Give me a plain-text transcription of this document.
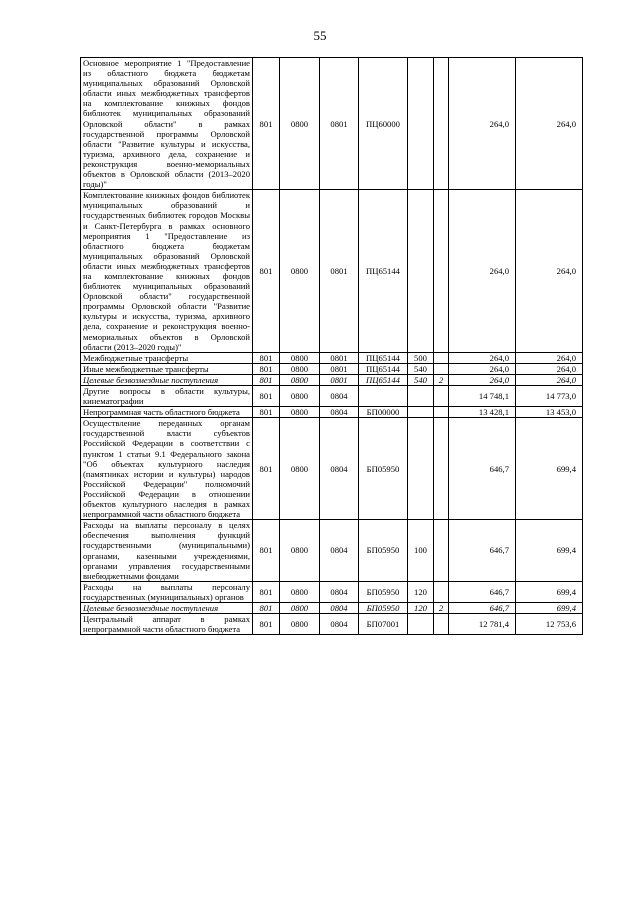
55
Основное мероприятие 1 "Предоставление из областного бюджета бюджетам муниципальных образований Орловской области иных межбюджетных трансфертов на комплектование книжных фондов библиотек муниципальных образований Орловской области" в рамках государственной программы Орловской области "Развитие культуры и искусства, туризма, архивного дела, сохранение и реконструкция военно-мемориальных объектов в Орловской области (2013–2020 годы)"	801	0800	0801	ПЦ60000			264,0	264,0
Комплектование книжных фондов библиотек муниципальных образований и государственных библиотек городов Москвы и Санкт-Петербурга в рамках основного мероприятия 1 "Предоставление из областного бюджета бюджетам муниципальных образований Орловской области иных межбюджетных трансфертов на комплектование книжных фондов библиотек муниципальных образований Орловской области" государственной программы Орловской области "Развитие культуры и искусства, туризма, архивного дела, сохранение и реконструкция военно-мемориальных объектов в Орловской области (2013–2020 годы)"	801	0800	0801	ПЦ65144			264,0	264,0
Межбюджетные трансферты	801	0800	0801	ПЦ65144	500		264,0	264,0
Иные межбюджетные трансферты	801	0800	0801	ПЦ65144	540		264,0	264,0
Целевые безвозмездные поступления	801	0800	0801	ПЦ65144	540	2	264,0	264,0
Другие вопросы в области культуры, кинематографии	801	0800	0804				14 748,1	14 773,0
Непрограммная часть областного бюджета	801	0800	0804	БП00000			13 428,1	13 453,0
Осуществление переданных органам государственной власти субъектов Российской Федерации в соответствии с пунктом 1 статьи 9.1 Федерального закона "Об объектах культурного наследия (памятниках истории и культуры) народов Российской Федерации" полномочий Российской Федерации в отношении объектов культурного наследия в рамках непрограммной части областного бюджета	801	0800	0804	БП05950			646,7	699,4
Расходы на выплаты персоналу в целях обеспечения выполнения функций государственными (муниципальными) органами, казенными учреждениями, органами управления государственными внебюджетными фондами	801	0800	0804	БП05950	100		646,7	699,4
Расходы на выплаты персоналу государственных (муниципальных) органов	801	0800	0804	БП05950	120		646,7	699,4
Целевые безвозмездные поступления	801	0800	0804	БП05950	120	2	646,7	699,4
Центральный аппарат в рамках непрограммной части областного бюджета	801	0800	0804	БП07001			12 781,4	12 753,6
